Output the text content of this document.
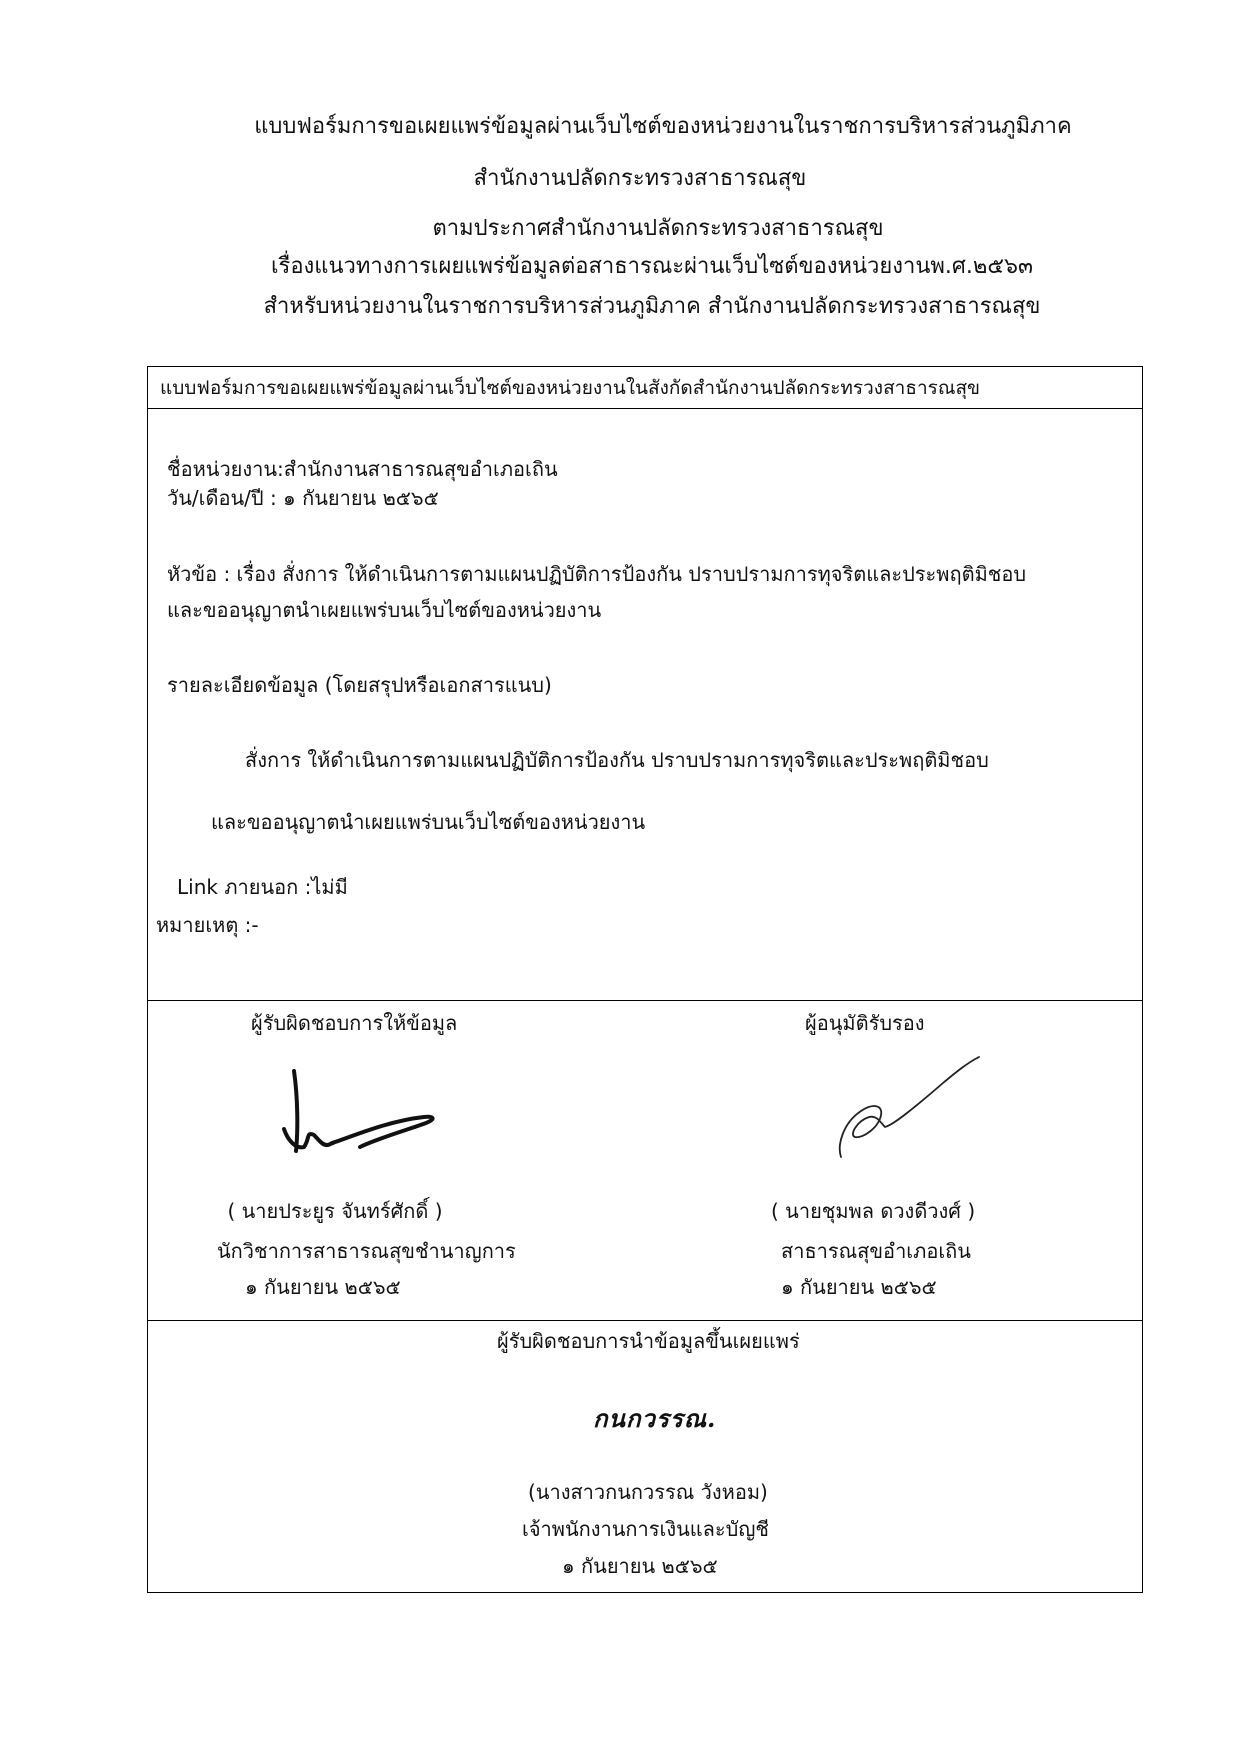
แบบฟอร์มการขอเผยแพร่ข้อมูลผ่านเว็บไซต์ของหน่วยงานในราชการบริหารส่วนภูมิภาค
สำนักงานปลัดกระทรวงสาธารณสุข
ตามประกาศสำนักงานปลัดกระทรวงสาธารณสุข
เรื่องแนวทางการเผยแพร่ข้อมูลต่อสาธารณะผ่านเว็บไซต์ของหน่วยงานพ.ศ.๒๕๖๓
สำหรับหน่วยงานในราชการบริหารส่วนภูมิภาค สำนักงานปลัดกระทรวงสาธารณสุข
แบบฟอร์มการขอเผยแพร่ข้อมูลผ่านเว็บไซต์ของหน่วยงานในสังกัดสำนักงานปลัดกระทรวงสาธารณสุข
ชื่อหน่วยงาน:สำนักงานสาธารณสุขอำเภอเถิน
วัน/เดือน/ปี : ๑ กันยายน ๒๕๖๕
หัวข้อ : เรื่อง สั่งการ ให้ดำเนินการตามแผนปฏิบัติการป้องกัน ปราบปรามการทุจริตและประพฤติมิชอบ
และขออนุญาตนำเผยแพร่บนเว็บไซต์ของหน่วยงาน
รายละเอียดข้อมูล (โดยสรุปหรือเอกสารแนบ)
สั่งการ ให้ดำเนินการตามแผนปฏิบัติการป้องกัน ปราบปรามการทุจริตและประพฤติมิชอบ
และขออนุญาตนำเผยแพร่บนเว็บไซต์ของหน่วยงาน
Link ภายนอก :ไม่มี
หมายเหตุ :-
ผู้รับผิดชอบการให้ข้อมูล	ผู้อนุมัติรับรอง
( นายประยูร จันทร์ศักดิ์ )
นักวิชาการสาธารณสุขชำนาญการ
๑ กันยายน ๒๕๖๕
( นายชุมพล ดวงดีวงศ์ )
สาธารณสุขอำเภอเถิน
๑ กันยายน ๒๕๖๕
ผู้รับผิดชอบการนำข้อมูลขึ้นเผยแพร่
กนกวรรณ.
(นางสาวกนกวรรณ วังหอม)
เจ้าพนักงานการเงินและบัญชี
๑ กันยายน ๒๕๖๕
